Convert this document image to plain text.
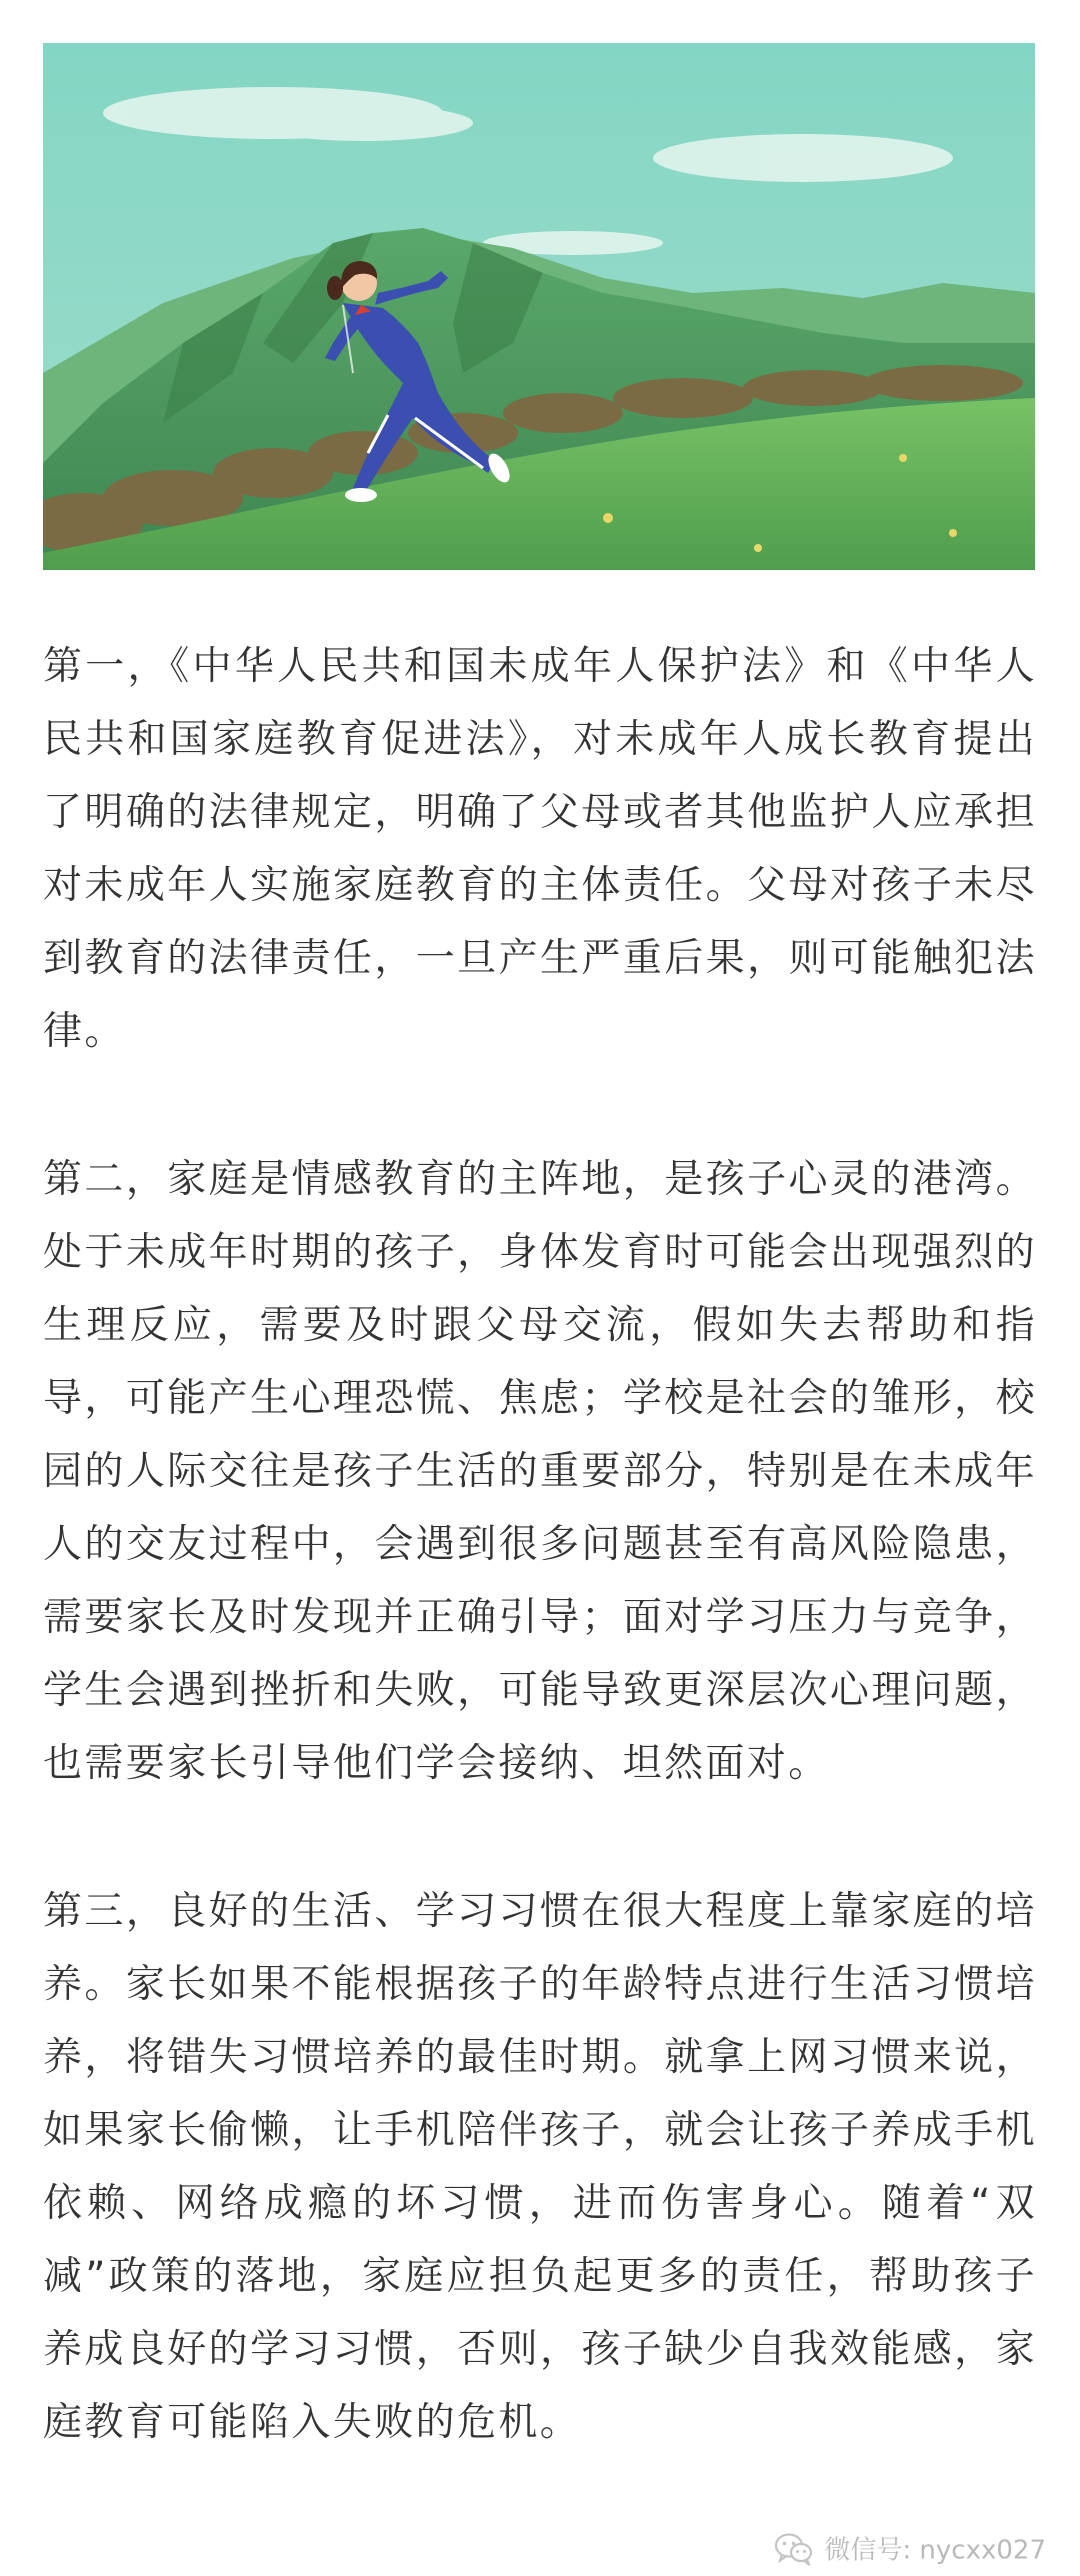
第一，《中华人民共和国未成年人保护法》和《中华人民共和国家庭教育促进法》，对未成年人成长教育提出了明确的法律规定，明确了父母或者其他监护人应承担对未成年人实施家庭教育的主体责任。父母对孩子未尽到教育的法律责任，一旦产生严重后果，则可能触犯法律。

第二，家庭是情感教育的主阵地，是孩子心灵的港湾。处于未成年时期的孩子，身体发育时可能会出现强烈的生理反应，需要及时跟父母交流，假如失去帮助和指导，可能产生心理恐慌、焦虑；学校是社会的雏形，校园的人际交往是孩子生活的重要部分，特别是在未成年人的交友过程中，会遇到很多问题甚至有高风险隐患，需要家长及时发现并正确引导；面对学习压力与竞争，学生会遇到挫折和失败，可能导致更深层次心理问题，也需要家长引导他们学会接纳、坦然面对。

第三，良好的生活、学习习惯在很大程度上靠家庭的培养。家长如果不能根据孩子的年龄特点进行生活习惯培养，将错失习惯培养的最佳时期。就拿上网习惯来说，如果家长偷懒，让手机陪伴孩子，就会让孩子养成手机依赖、网络成瘾的坏习惯，进而伤害身心。随着“双减”政策的落地，家庭应担负起更多的责任，帮助孩子养成良好的学习习惯，否则，孩子缺少自我效能感，家庭教育可能陷入失败的危机。

微信号: nycxx027
